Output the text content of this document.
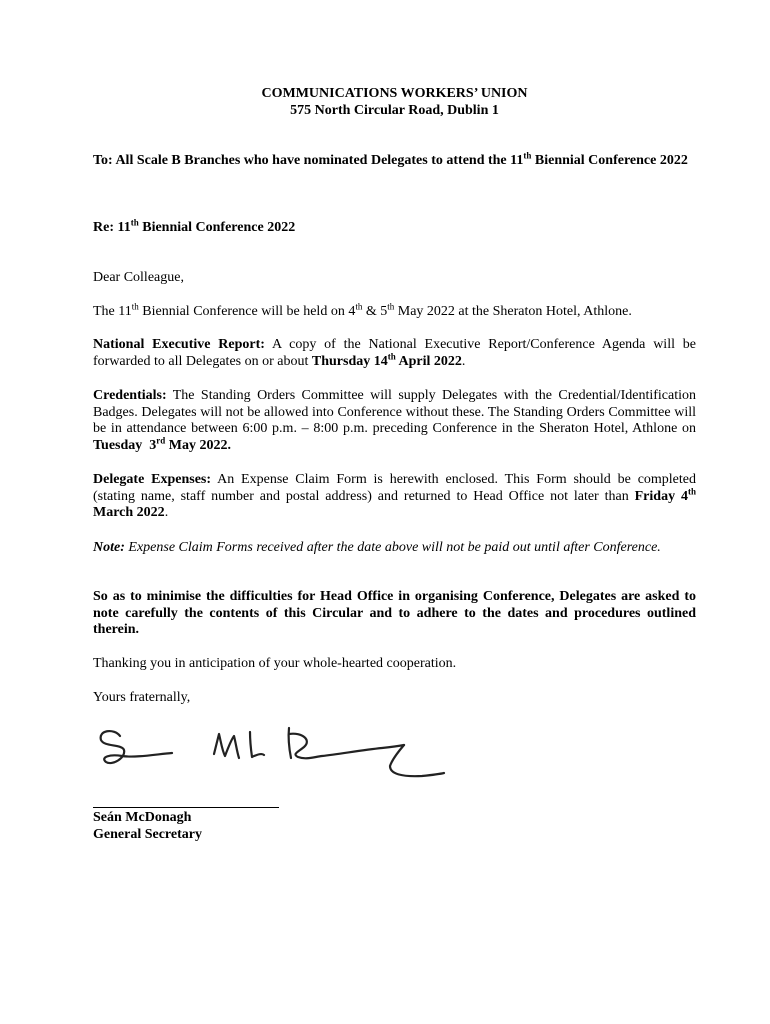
COMMUNICATIONS WORKERS’ UNION
575 North Circular Road, Dublin 1
To: All Scale B Branches who have nominated Delegates to attend the 11th Biennial Conference 2022
Re: 11th Biennial Conference 2022
Dear Colleague,
The 11th Biennial Conference will be held on 4th & 5th May 2022 at the Sheraton Hotel, Athlone.
National Executive Report: A copy of the National Executive Report/Conference Agenda will be forwarded to all Delegates on or about Thursday 14th April 2022.
Credentials: The Standing Orders Committee will supply Delegates with the Credential/Identification Badges. Delegates will not be allowed into Conference without these. The Standing Orders Committee will be in attendance between 6:00 p.m. – 8:00 p.m. preceding Conference in the Sheraton Hotel, Athlone on Tuesday  3rd May 2022.
Delegate Expenses: An Expense Claim Form is herewith enclosed. This Form should be completed (stating name, staff number and postal address) and returned to Head Office not later than Friday 4th March 2022.
Note: Expense Claim Forms received after the date above will not be paid out until after Conference.
So as to minimise the difficulties for Head Office in organising Conference, Delegates are asked to note carefully the contents of this Circular and to adhere to the dates and procedures outlined therein.
Thanking you in anticipation of your whole-hearted cooperation.
Yours fraternally,
Seán McDonagh
General Secretary
